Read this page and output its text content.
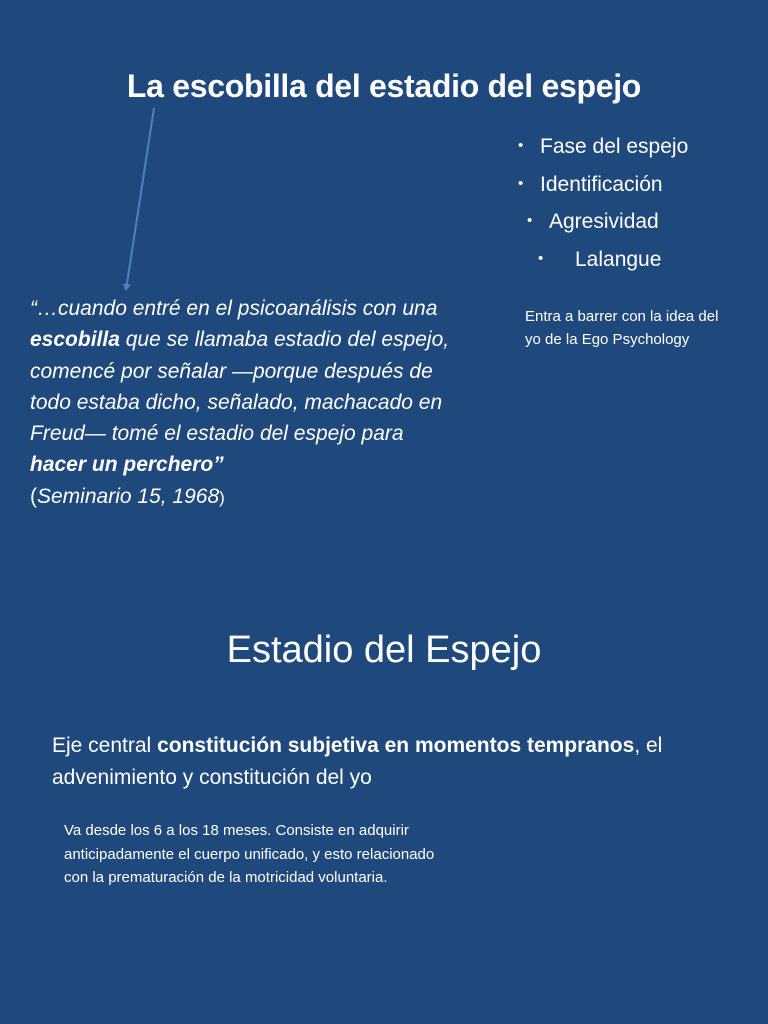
La escobilla del estadio del espejo
• Fase del espejo
• Identificación
• Agresividad
• Lalangue
Entra a barrer con la idea del yo de la Ego Psychology
“…cuando entré en el psicoanálisis con una escobilla que se llamaba estadio del espejo, comencé por señalar —porque después de todo estaba dicho, señalado, machacado en Freud— tomé el estadio del espejo para hacer un perchero”
(Seminario 15, 1968)
Estadio del Espejo
Eje central constitución subjetiva en momentos tempranos, el advenimiento y constitución del yo
Va desde los 6 a los 18 meses. Consiste en adquirir anticipadamente el cuerpo unificado, y esto relacionado con la prematuración de la motricidad voluntaria.
